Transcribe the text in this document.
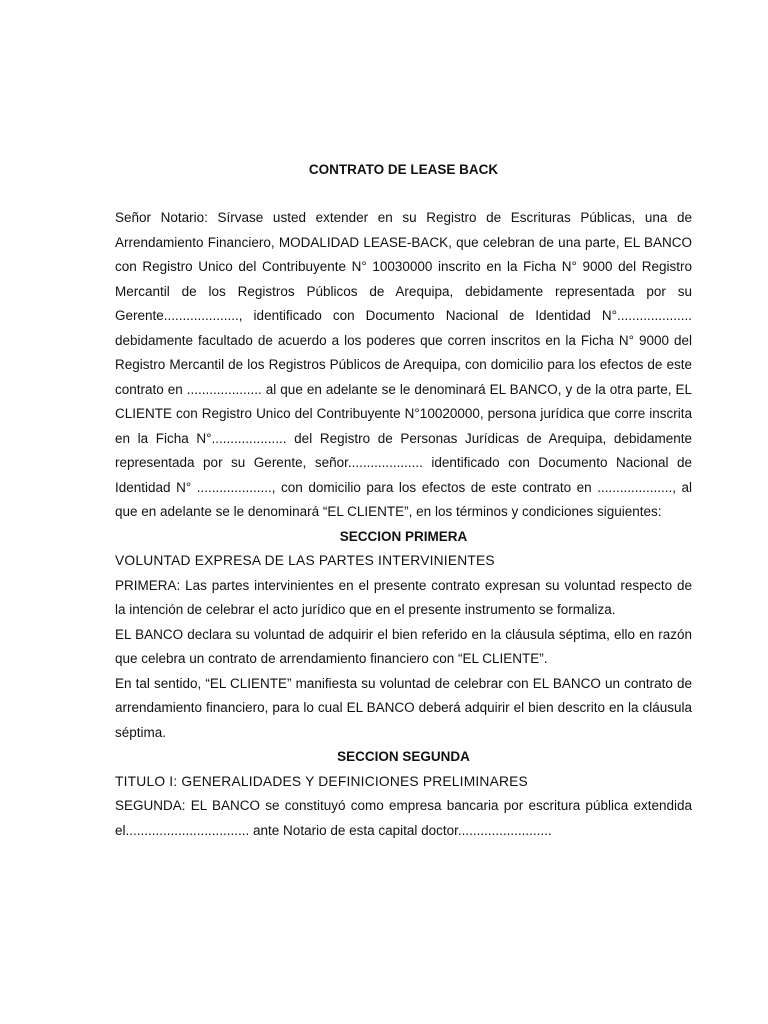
CONTRATO DE LEASE BACK

Señor Notario: Sírvase usted extender en su Registro de Escrituras Públicas, una de Arrendamiento Financiero, MODALIDAD LEASE-BACK, que celebran de una parte, EL BANCO con Registro Unico del Contribuyente N° 10030000 inscrito en la Ficha N° 9000 del Registro Mercantil de los Registros Públicos de Arequipa, debidamente representada por su Gerente...................., identificado con Documento Nacional de Identidad N°.................... debidamente facultado de acuerdo a los poderes que corren inscritos en la Ficha N° 9000 del Registro Mercantil de los Registros Públicos de Arequipa, con domicilio para los efectos de este contrato en .................... al que en adelante se le denominará EL BANCO, y de la otra parte, EL CLIENTE con Registro Unico del Contribuyente N°10020000, persona jurídica que corre inscrita en la Ficha N°.................... del Registro de Personas Jurídicas de Arequipa, debidamente representada por su Gerente, señor.................... identificado con Documento Nacional de Identidad N° ...................., con domicilio para los efectos de este contrato en ...................., al que en adelante se le denominará “EL CLIENTE”, en los términos y condiciones siguientes:

SECCION PRIMERA

VOLUNTAD EXPRESA DE LAS PARTES INTERVINIENTES

PRIMERA: Las partes intervinientes en el presente contrato expresan su voluntad respecto de la intención de celebrar el acto jurídico que en el presente instrumento se formaliza.

EL BANCO declara su voluntad de adquirir el bien referido en la cláusula séptima, ello en razón que celebra un contrato de arrendamiento financiero con “EL CLIENTE”.

En tal sentido, “EL CLIENTE” manifiesta su voluntad de celebrar con EL BANCO un contrato de arrendamiento financiero, para lo cual EL BANCO deberá adquirir el bien descrito en la cláusula séptima.

SECCION SEGUNDA

TITULO I: GENERALIDADES Y DEFINICIONES PRELIMINARES

SEGUNDA: EL BANCO se constituyó como empresa bancaria por escritura pública extendida el................................. ante Notario de esta capital doctor.........................
